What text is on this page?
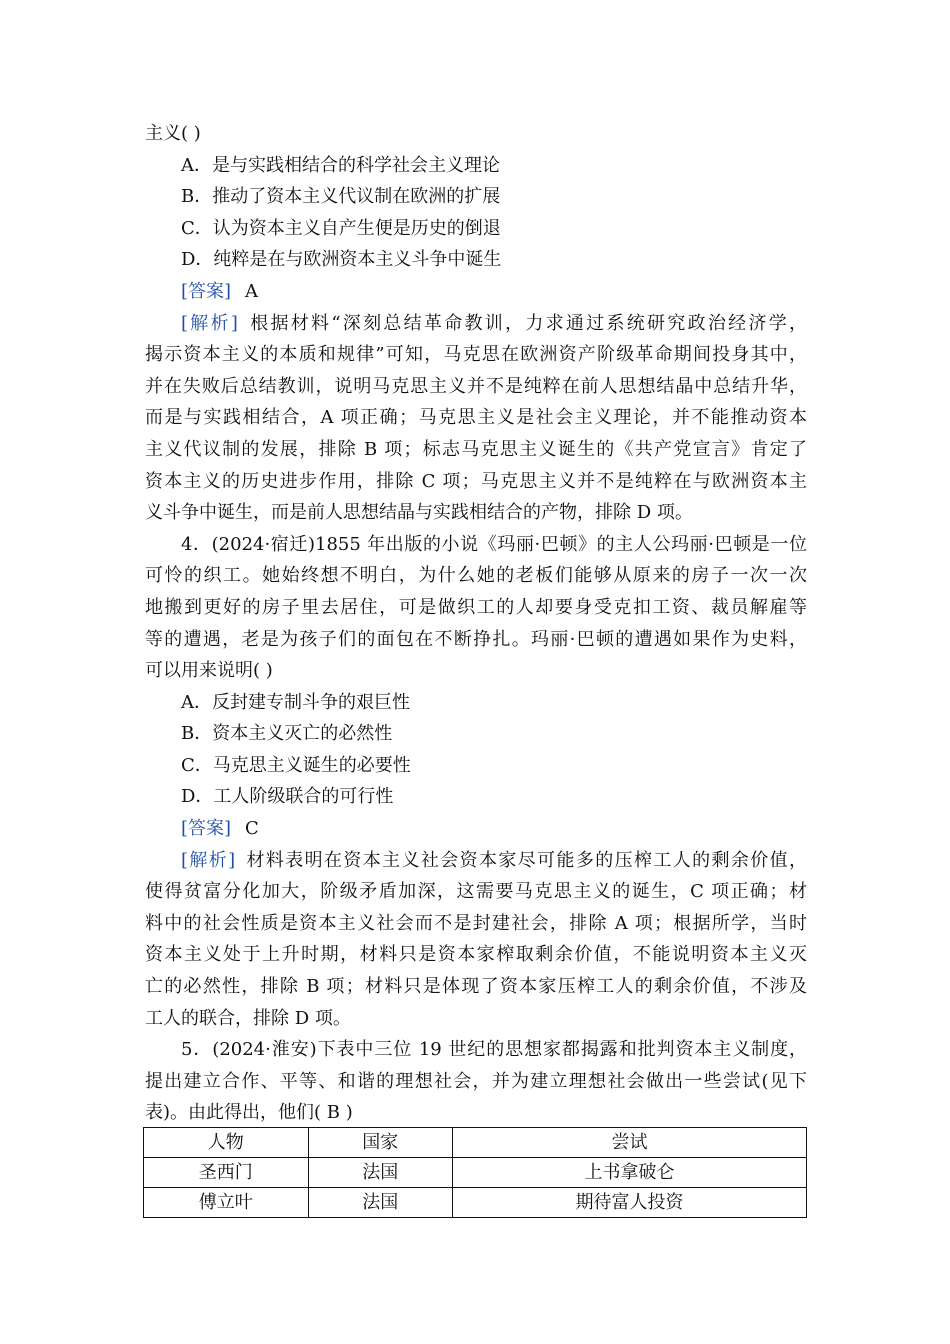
主义( )
A．是与实践相结合的科学社会主义理论
B．推动了资本主义代议制在欧洲的扩展
C．认为资本主义自产生便是历史的倒退
D．纯粹是在与欧洲资本主义斗争中诞生
[答案] A
[解析] 根据材料“深刻总结革命教训，力求通过系统研究政治经济学，
揭示资本主义的本质和规律”可知，马克思在欧洲资产阶级革命期间投身其中，
并在失败后总结教训，说明马克思主义并不是纯粹在前人思想结晶中总结升华，
而是与实践相结合，A 项正确；马克思主义是社会主义理论，并不能推动资本
主义代议制的发展，排除 B 项；标志马克思主义诞生的《共产党宣言》肯定了
资本主义的历史进步作用，排除 C 项；马克思主义并不是纯粹在与欧洲资本主
义斗争中诞生，而是前人思想结晶与实践相结合的产物，排除 D 项。
4．(2024·宿迁)1855 年出版的小说《玛丽·巴顿》的主人公玛丽·巴顿是一位
可怜的织工。她始终想不明白，为什么她的老板们能够从原来的房子一次一次
地搬到更好的房子里去居住，可是做织工的人却要身受克扣工资、裁员解雇等
等的遭遇，老是为孩子们的面包在不断挣扎。玛丽·巴顿的遭遇如果作为史料，
可以用来说明( )
A．反封建专制斗争的艰巨性
B．资本主义灭亡的必然性
C．马克思主义诞生的必要性
D．工人阶级联合的可行性
[答案] C
[解析] 材料表明在资本主义社会资本家尽可能多的压榨工人的剩余价值，
使得贫富分化加大，阶级矛盾加深，这需要马克思主义的诞生，C 项正确；材
料中的社会性质是资本主义社会而不是封建社会，排除 A 项；根据所学，当时
资本主义处于上升时期，材料只是资本家榨取剩余价值，不能说明资本主义灭
亡的必然性，排除 B 项；材料只是体现了资本家压榨工人的剩余价值，不涉及
工人的联合，排除 D 项。
5．(2024·淮安)下表中三位 19 世纪的思想家都揭露和批判资本主义制度，
提出建立合作、平等、和谐的理想社会，并为建立理想社会做出一些尝试(见下
表)。由此得出，他们( B )
人物	国家	尝试
圣西门	法国	上书拿破仑
傅立叶	法国	期待富人投资
